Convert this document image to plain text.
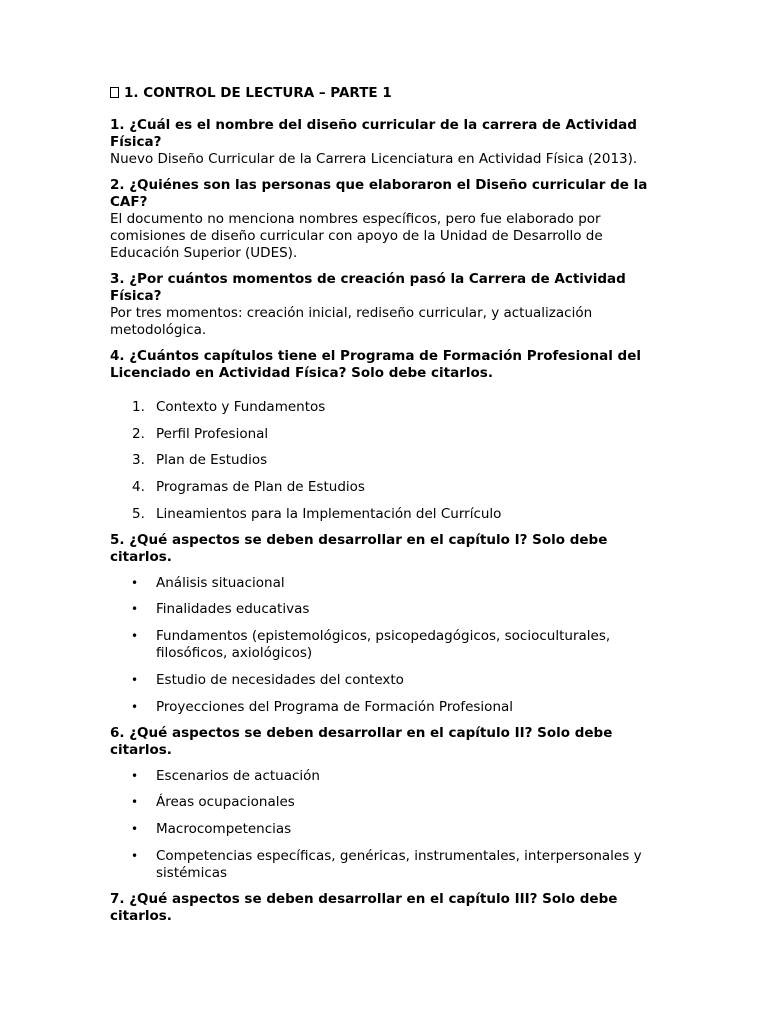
1. CONTROL DE LECTURA – PARTE 1

1. ¿Cuál es el nombre del diseño curricular de la carrera de Actividad Física?

Nuevo Diseño Curricular de la Carrera Licenciatura en Actividad Física (2013).

2. ¿Quiénes son las personas que elaboraron el Diseño curricular de la CAF?

El documento no menciona nombres específicos, pero fue elaborado por comisiones de diseño curricular con apoyo de la Unidad de Desarrollo de Educación Superior (UDES).

3. ¿Por cuántos momentos de creación pasó la Carrera de Actividad Física?

Por tres momentos: creación inicial, rediseño curricular, y actualización metodológica.

4. ¿Cuántos capítulos tiene el Programa de Formación Profesional del Licenciado en Actividad Física? Solo debe citarlos.

1. Contexto y Fundamentos
2. Perfil Profesional
3. Plan de Estudios
4. Programas de Plan de Estudios
5. Lineamientos para la Implementación del Currículo

5. ¿Qué aspectos se deben desarrollar en el capítulo I? Solo debe citarlos.

• Análisis situacional
• Finalidades educativas
• Fundamentos (epistemológicos, psicopedagógicos, socioculturales, filosóficos, axiológicos)
• Estudio de necesidades del contexto
• Proyecciones del Programa de Formación Profesional

6. ¿Qué aspectos se deben desarrollar en el capítulo II? Solo debe citarlos.

• Escenarios de actuación
• Áreas ocupacionales
• Macrocompetencias
• Competencias específicas, genéricas, instrumentales, interpersonales y sistémicas

7. ¿Qué aspectos se deben desarrollar en el capítulo III? Solo debe citarlos.
